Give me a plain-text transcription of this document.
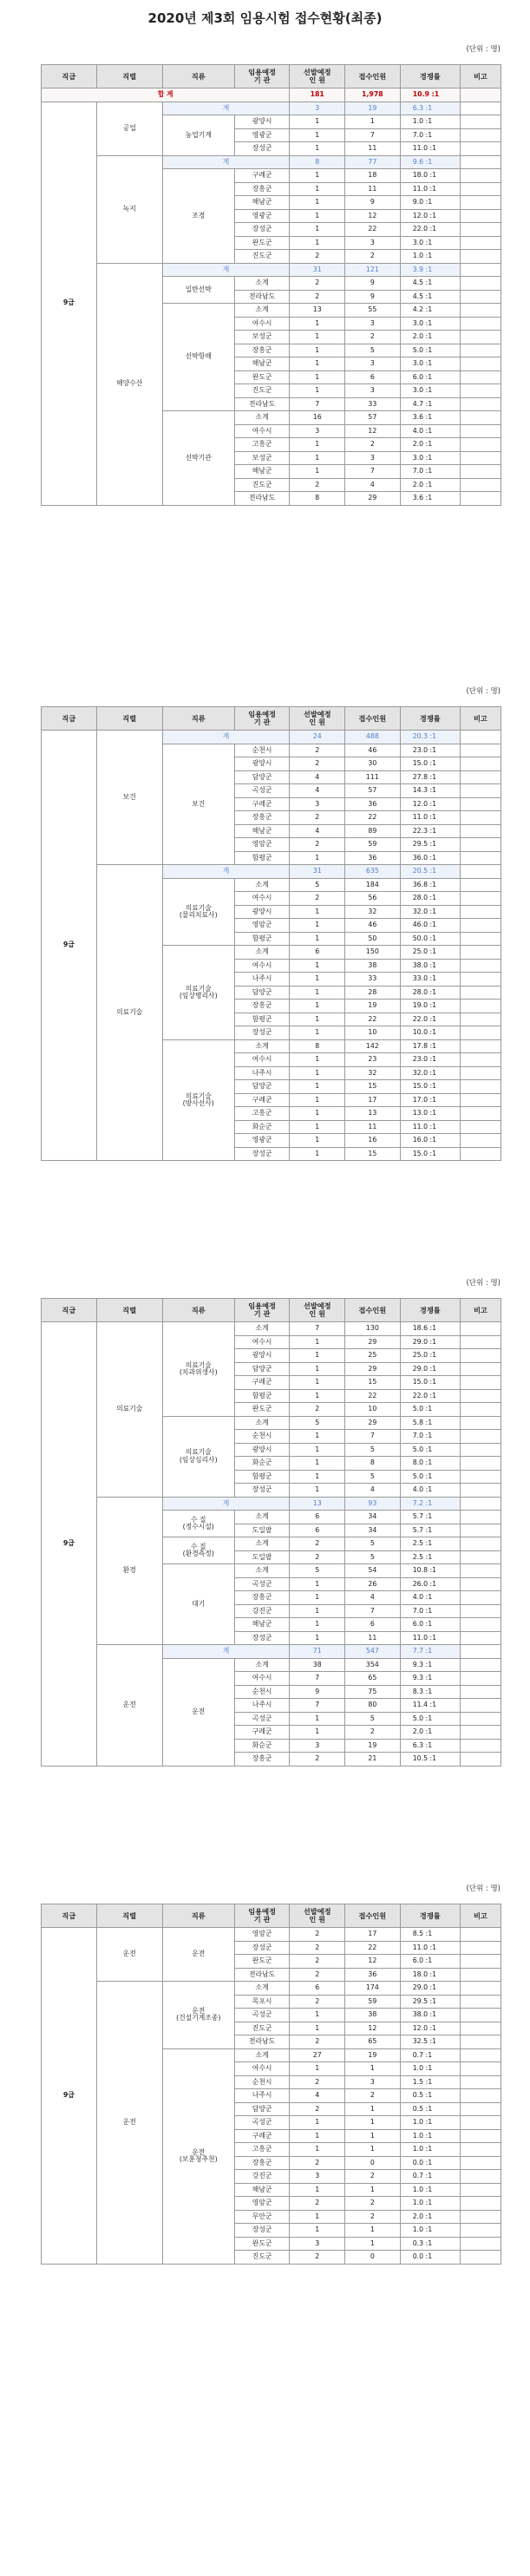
2020년 제3회 임용시험 접수현황(최종)
(단위 : 명)
직급	직렬	직류	임용예정
기 관	선발예정
인 원	접수인원	경쟁률	비고
합 계				181	1,978	10.9 :1	
9급	공업	계		3	19	6.3 :1	
		농업기계	광양시	1	1	1.0 :1	
			영광군	1	7	7.0 :1	
			장성군	1	11	11.0 :1	
	녹지	계		8	77	9.6 :1	
		조경	구례군	1	18	18.0 :1	
			장흥군	1	11	11.0 :1	
			해남군	1	9	9.0 :1	
			영광군	1	12	12.0 :1	
			장성군	1	22	22.0 :1	
			완도군	1	3	3.0 :1	
			진도군	2	2	1.0 :1	
	해양수산	계		31	121	3.9 :1	
		일반선박	소계	2	9	4.5 :1	
			전라남도	2	9	4.5 :1	
		선박항해	소계	13	55	4.2 :1	
			여수시	1	3	3.0 :1	
			보성군	1	2	2.0 :1	
			장흥군	1	5	5.0 :1	
			해남군	1	3	3.0 :1	
			완도군	1	6	6.0 :1	
			진도군	1	3	3.0 :1	
			전라남도	7	33	4.7 :1	
		선박기관	소계	16	57	3.6 :1	
			여수시	3	12	4.0 :1	
			고흥군	1	2	2.0 :1	
			보성군	1	3	3.0 :1	
			해남군	1	7	7.0 :1	
			진도군	2	4	2.0 :1	
			전라남도	8	29	3.6 :1	
(단위 : 명)
직급	직렬	직류	임용예정
기 관	선발예정
인 원	접수인원	경쟁률	비고
9급	보건	계		24	488	20.3 :1	
		보건	순천시	2	46	23.0 :1	
			광양시	2	30	15.0 :1	
			담양군	4	111	27.8 :1	
			곡성군	4	57	14.3 :1	
			구례군	3	36	12.0 :1	
			장흥군	2	22	11.0 :1	
			해남군	4	89	22.3 :1	
			영암군	2	59	29.5 :1	
			함평군	1	36	36.0 :1	
	의료기술	계		31	635	20.5 :1	
		의료기술
(물리치료사)	소계	5	184	36.8 :1	
			여수시	2	56	28.0 :1	
			광양시	1	32	32.0 :1	
			영암군	1	46	46.0 :1	
			함평군	1	50	50.0 :1	
		의료기술
(임상병리사)	소계	6	150	25.0 :1	
			여수시	1	38	38.0 :1	
			나주시	1	33	33.0 :1	
			담양군	1	28	28.0 :1	
			장흥군	1	19	19.0 :1	
			함평군	1	22	22.0 :1	
			장성군	1	10	10.0 :1	
		의료기술
(방사선사)	소계	8	142	17.8 :1	
			여수시	1	23	23.0 :1	
			나주시	1	32	32.0 :1	
			담양군	1	15	15.0 :1	
			구례군	1	17	17.0 :1	
			고흥군	1	13	13.0 :1	
			화순군	1	11	11.0 :1	
			영광군	1	16	16.0 :1	
			장성군	1	15	15.0 :1	
(단위 : 명)
직급	직렬	직류	임용예정
기 관	선발예정
인 원	접수인원	경쟁률	비고
9급	의료기술	의료기술
(치과위생사)	소계	7	130	18.6 :1	
			여수시	1	29	29.0 :1	
			광양시	1	25	25.0 :1	
			담양군	1	29	29.0 :1	
			구례군	1	15	15.0 :1	
			함평군	1	22	22.0 :1	
			완도군	2	10	5.0 :1	
		의료기술
(임상심리사)	소계	5	29	5.8 :1	
			순천시	1	7	7.0 :1	
			광양시	1	5	5.0 :1	
			화순군	1	8	8.0 :1	
			함평군	1	5	5.0 :1	
			장성군	1	4	4.0 :1	
	환경	계		13	93	7.2 :1	
		수 질
(정수시설)	소계	6	34	5.7 :1	
			도일팔	6	34	5.7 :1	
		수 질
(환경측정)	소계	2	5	2.5 :1	
			도일팔	2	5	2.5 :1	
		대기	소계	5	54	10.8 :1	
			곡성군	1	26	26.0 :1	
			장흥군	1	4	4.0 :1	
			강진군	1	7	7.0 :1	
			해남군	1	6	6.0 :1	
			장성군	1	11	11.0 :1	
	운전	계		71	547	7.7 :1	
		운전	소계	38	354	9.3 :1	
			여수시	7	65	9.3 :1	
			순천시	9	75	8.3 :1	
			나주시	7	80	11.4 :1	
			곡성군	1	5	5.0 :1	
			구례군	1	2	2.0 :1	
			화순군	3	19	6.3 :1	
			장흥군	2	21	10.5 :1	
(단위 : 명)
직급	직렬	직류	임용예정
기 관	선발예정
인 원	접수인원	경쟁률	비고
9급	운전	운전	영암군	2	17	8.5 :1	
			장성군	2	22	11.0 :1	
			완도군	2	12	6.0 :1	
			전라남도	2	36	18.0 :1	
	운전	운전
(건설기계조종)	소계	6	174	29.0 :1	
			목포시	2	59	29.5 :1	
			곡성군	1	38	38.0 :1	
			진도군	1	12	12.0 :1	
			전라남도	2	65	32.5 :1	
		운전
(보훈청추천)	소계	27	19	0.7 :1	
			여수시	1	1	1.0 :1	
			순천시	2	3	1.5 :1	
			나주시	4	2	0.5 :1	
			담양군	2	1	0.5 :1	
			곡성군	1	1	1.0 :1	
			구례군	1	1	1.0 :1	
			고흥군	1	1	1.0 :1	
			장흥군	2	0	0.0 :1	
			강진군	3	2	0.7 :1	
			해남군	1	1	1.0 :1	
			영암군	2	2	1.0 :1	
			무안군	1	2	2.0 :1	
			장성군	1	1	1.0 :1	
			완도군	3	1	0.3 :1	
			진도군	2	0	0.0 :1	
